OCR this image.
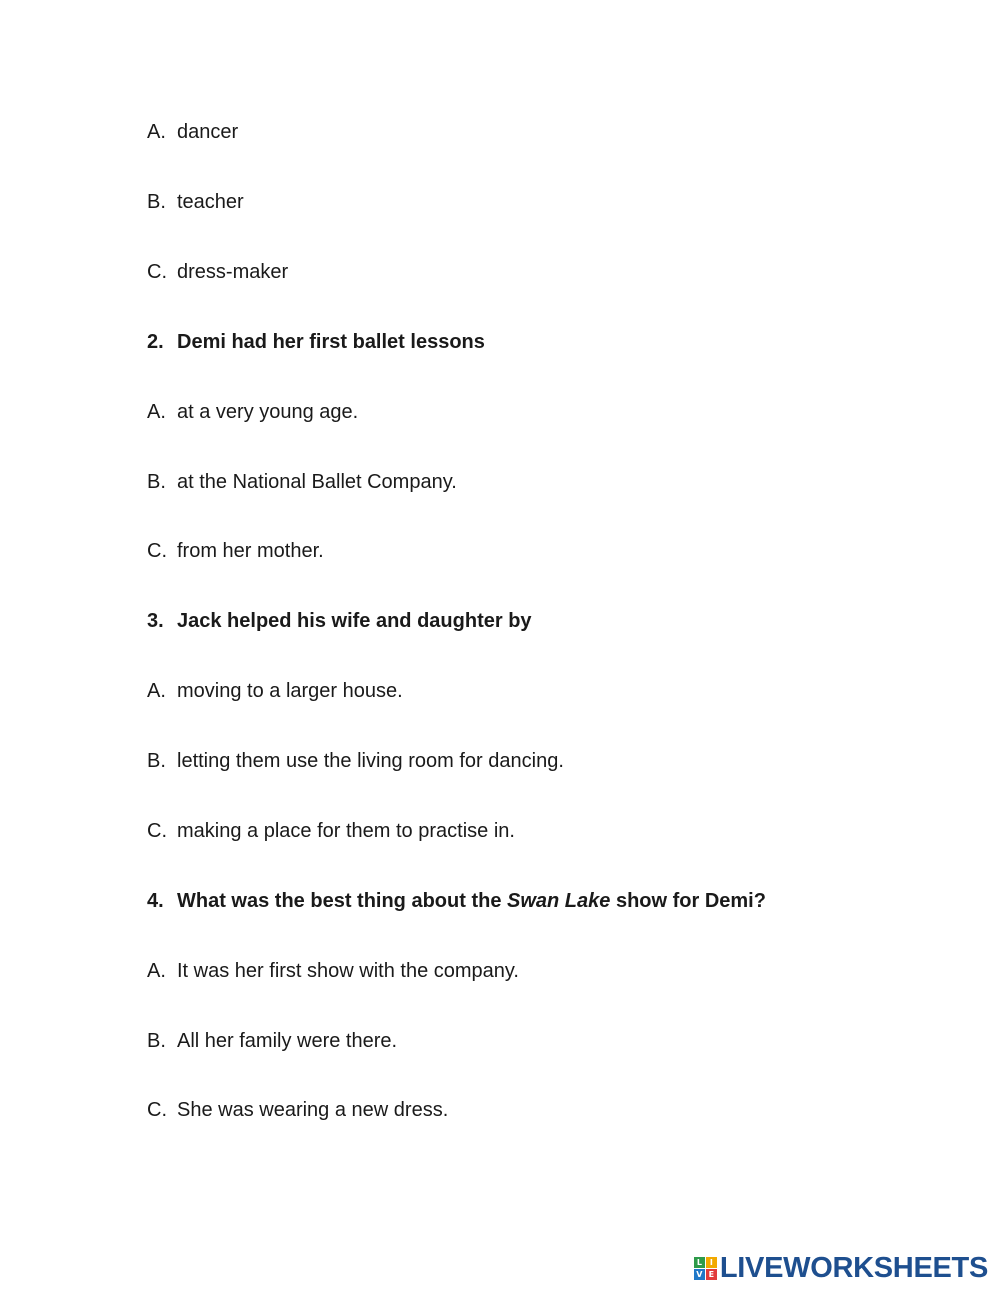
A. dancer
B. teacher
C. dress-maker
2. Demi had her first ballet lessons
A. at a very young age.
B. at the National Ballet Company.
C. from her mother.
3. Jack helped his wife and daughter by
A. moving to a larger house.
B. letting them use the living room for dancing.
C. making a place for them to practise in.
4. What was the best thing about the Swan Lake show for Demi?
A. It was her first show with the company.
B. All her family were there.
C. She was wearing a new dress.
L I
V E LIVEWORKSHEETS
